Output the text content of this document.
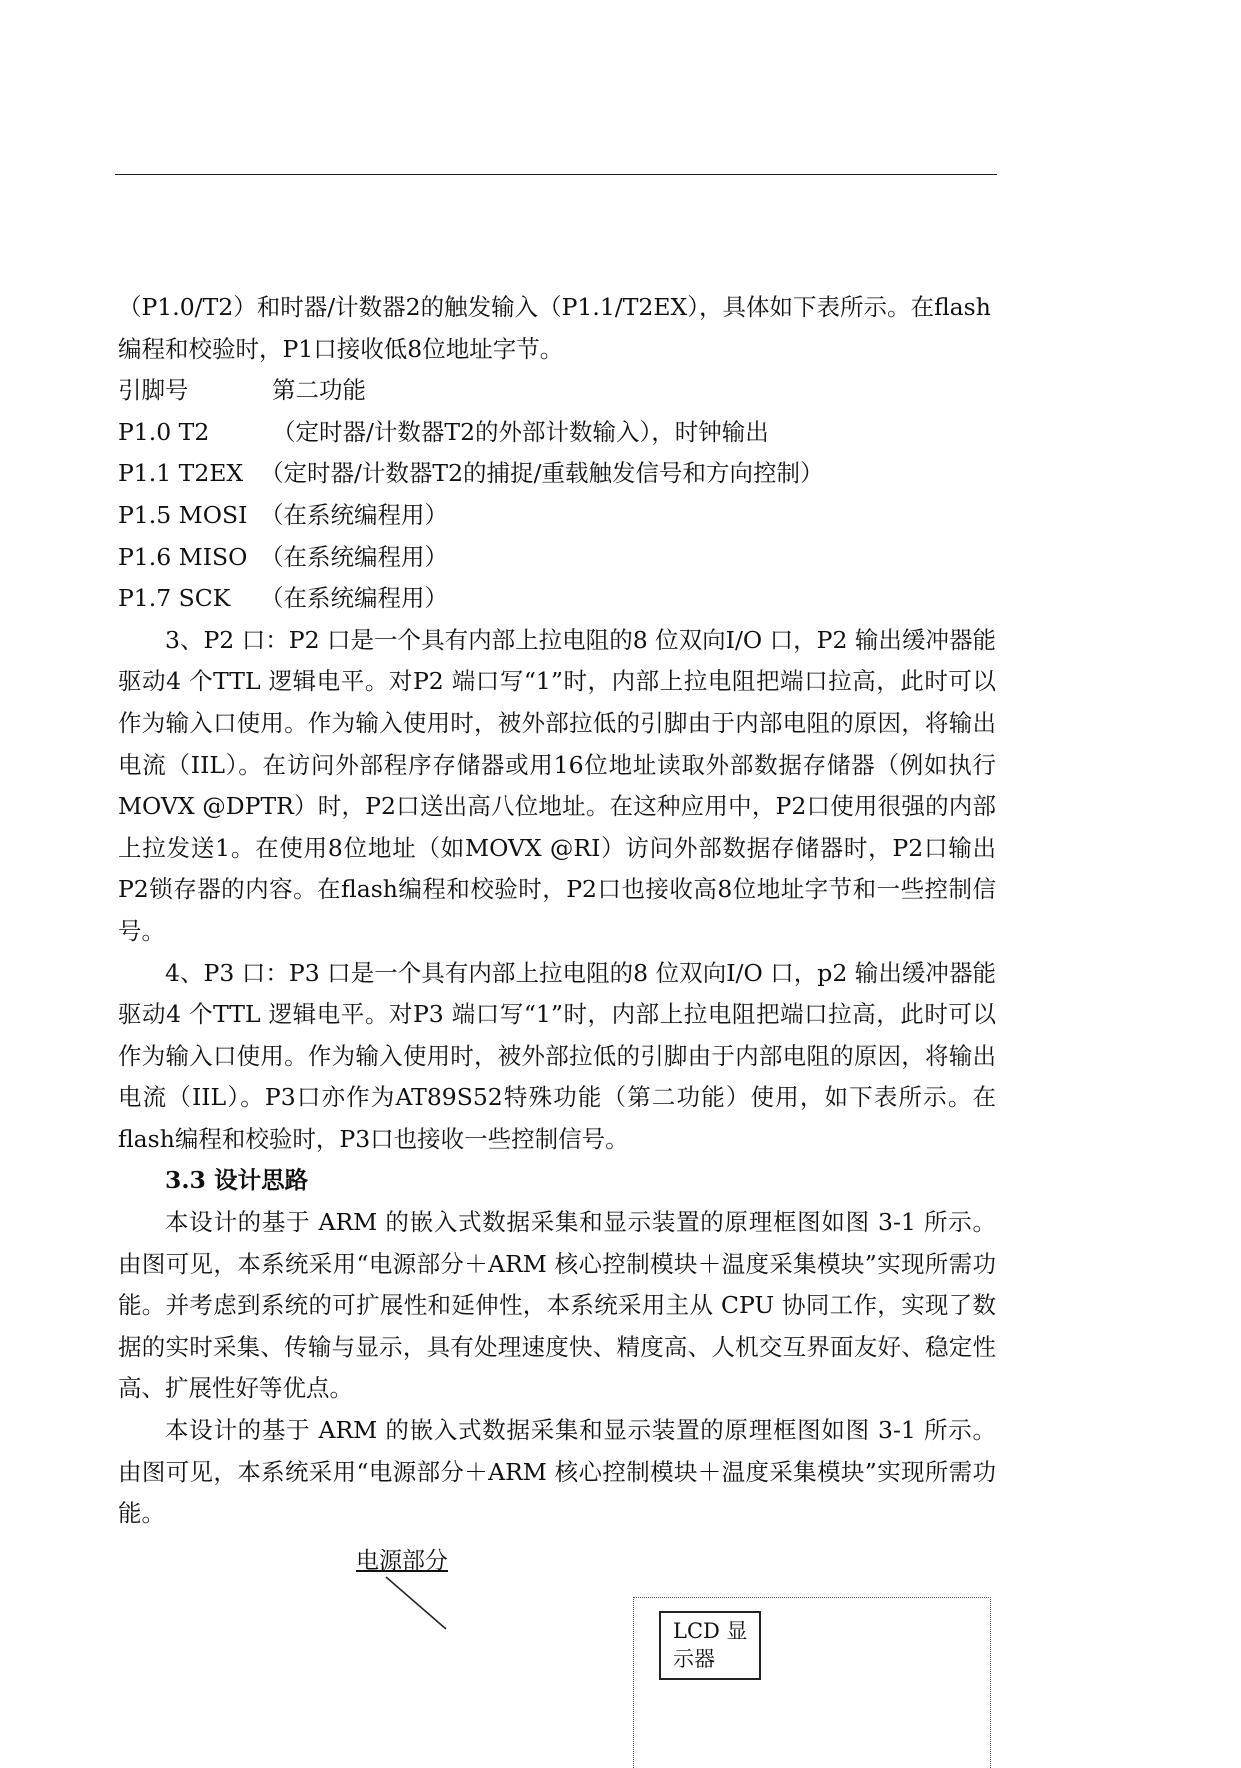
（P1.0/T2）和时器/计数器2的触发输入（P1.1/T2EX），具体如下表所示。在flash
编程和校验时，P1口接收低8位地址字节。

引脚号	第二功能
P1.0 T2	（定时器/计数器T2的外部计数输入），时钟输出
P1.1 T2EX （定时器/计数器T2的捕捉/重载触发信号和方向控制）
P1.5 MOSI （在系统编程用）
P1.6 MISO （在系统编程用）
P1.7 SCK （在系统编程用）

3、P2 口：P2 口是一个具有内部上拉电阻的8 位双向I/O 口，P2 输出缓冲器能驱动4 个TTL 逻辑电平。对P2 端口写“1”时，内部上拉电阻把端口拉高，此时可以作为输入口使用。作为输入使用时，被外部拉低的引脚由于内部电阻的原因，将输出电流（IIL）。在访问外部程序存储器或用16位地址读取外部数据存储器（例如执行MOVX @DPTR）时，P2口送出高八位地址。在这种应用中，P2口使用很强的内部上拉发送1。在使用8位地址（如MOVX @RI）访问外部数据存储器时，P2口输出P2锁存器的内容。在flash编程和校验时，P2口也接收高8位地址字节和一些控制信号。

4、P3 口：P3 口是一个具有内部上拉电阻的8 位双向I/O 口，p2 输出缓冲器能驱动4 个TTL 逻辑电平。对P3 端口写“1”时，内部上拉电阻把端口拉高，此时可以作为输入口使用。作为输入使用时，被外部拉低的引脚由于内部电阻的原因，将输出电流（IIL）。P3口亦作为AT89S52特殊功能（第二功能）使用，如下表所示。在flash编程和校验时，P3口也接收一些控制信号。

3.3 设计思路

本设计的基于 ARM 的嵌入式数据采集和显示装置的原理框图如图 3-1 所示。由图可见，本系统采用“电源部分＋ARM 核心控制模块＋温度采集模块”实现所需功能。并考虑到系统的可扩展性和延伸性，本系统采用主从 CPU 协同工作，实现了数据的实时采集、传输与显示，具有处理速度快、精度高、人机交互界面友好、稳定性高、扩展性好等优点。

本设计的基于 ARM 的嵌入式数据采集和显示装置的原理框图如图 3-1 所示。由图可见，本系统采用“电源部分＋ARM 核心控制模块＋温度采集模块”实现所需功能。

电源部分
LCD 显
示器
